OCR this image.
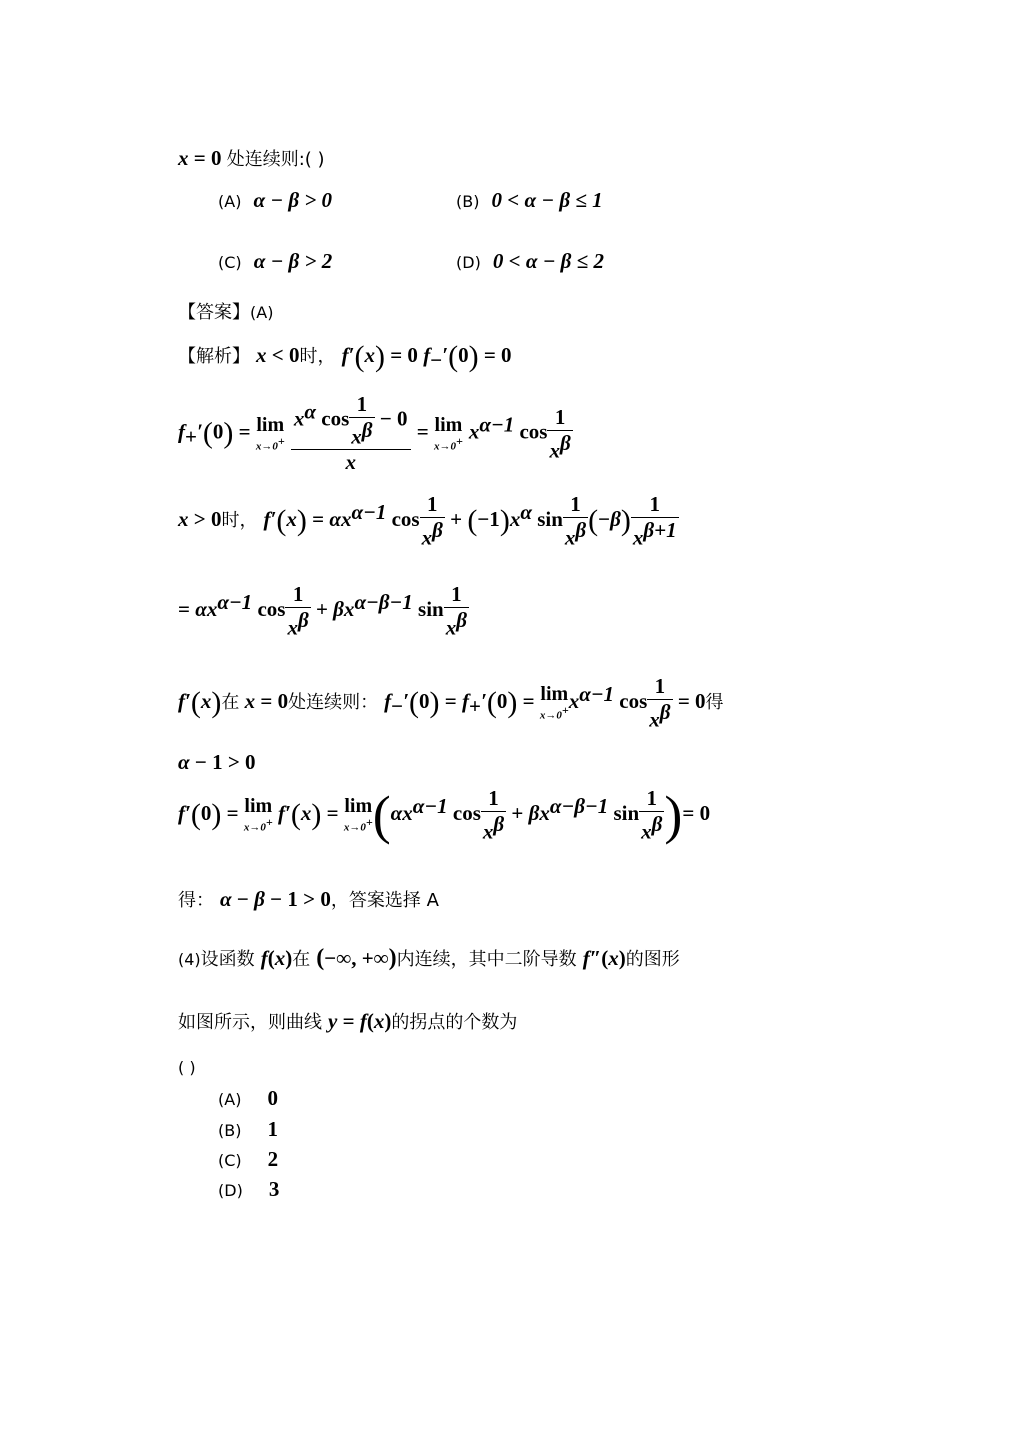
x = 0 处连续则:( )
(A) α − β > 0	(B) 0 < α − β ≤ 1
(C) α − β > 2	(D) 0 < α − β ≤ 2
【答案】(A)
【解析】 x < 0时， f′(x) = 0 $f_-'(0) = 0$
$f_+'(0) = \lim$
x→0+
$\frac{x^\alpha \cos \frac{1}{x^\beta} - 0}{x} = \lim$
x→0+ $x^{\alpha-1}$ $\cos \frac{1}{x^\beta}$
x > 0时， $f'(x) = \alpha x^{\alpha-1}$ $\cos \frac{1}{x^\beta} + (-1)x^\alpha$ $\sin \frac{1}{x^\beta} (-\beta) \frac{1}{x^{\beta+1}}$
= $\alpha x^{\alpha-1}$ $\cos \frac{1}{x^\beta} + \beta x^{\alpha-\beta-1}$ $\sin \frac{1}{x^\beta}$
f′(x)在 x = 0处连续则： $f_-'(0) = f_+'(0) = \lim$
x→0+ $x^{\alpha-1}$ $\cos \frac{1}{x^\beta} = 0$得
α − 1 > 0
f′(0) = lim
x→0+ f′(x) = lim
x→0+ ($\alpha x^{\alpha-1}$ $\cos \frac{1}{x^\beta} + \beta x^{\alpha-\beta-1}$ $\sin \frac{1}{x^\beta}$ )= 0
得： α − β − 1 > 0，答案选择 A
(4)设函数 f(x)在 (−∞, +∞)内连续，其中二阶导数 f″(x)的图形
如图所示，则曲线 y = f(x)的拐点的个数为
( )
(A) 0
(B) 1
(C) 2
(D) 3
